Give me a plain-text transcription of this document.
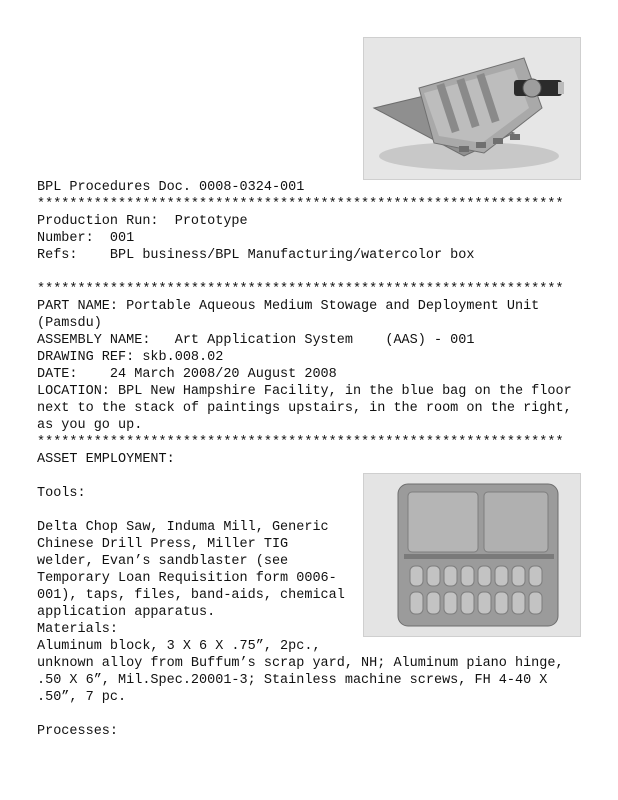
BPL Procedures Doc. 0008-0324-001

*****************************************************************

Production Run:  Prototype

Number:  001

Refs:    BPL business/BPL Manufacturing/watercolor box

*****************************************************************

PART NAME: Portable Aqueous Medium Stowage and Deployment Unit (Pamsdu)

ASSEMBLY NAME:   Art Application System    (AAS) - 001

DRAWING REF: skb.008.02

DATE:    24 March 2008/20 August 2008

LOCATION: BPL New Hampshire Facility, in the blue bag on the floor next to the stack of paintings upstairs, in the room on the right, as you go up.

*****************************************************************

ASSET EMPLOYMENT:

Tools:

Delta Chop Saw, Induma Mill, Generic Chinese Drill Press, Miller TIG welder, Evan’s sandblaster (see Temporary Loan Requisition form 0006-001), taps, files, band-aids, chemical application apparatus.

Materials:

Aluminum block, 3 X 6 X .75”, 2pc.,

unknown alloy from Buffum’s scrap yard, NH; Aluminum piano hinge, .50 X 6”, Mil.Spec.20001-3; Stainless machine screws, FH 4-40 X .50”, 7 pc.

Processes:
